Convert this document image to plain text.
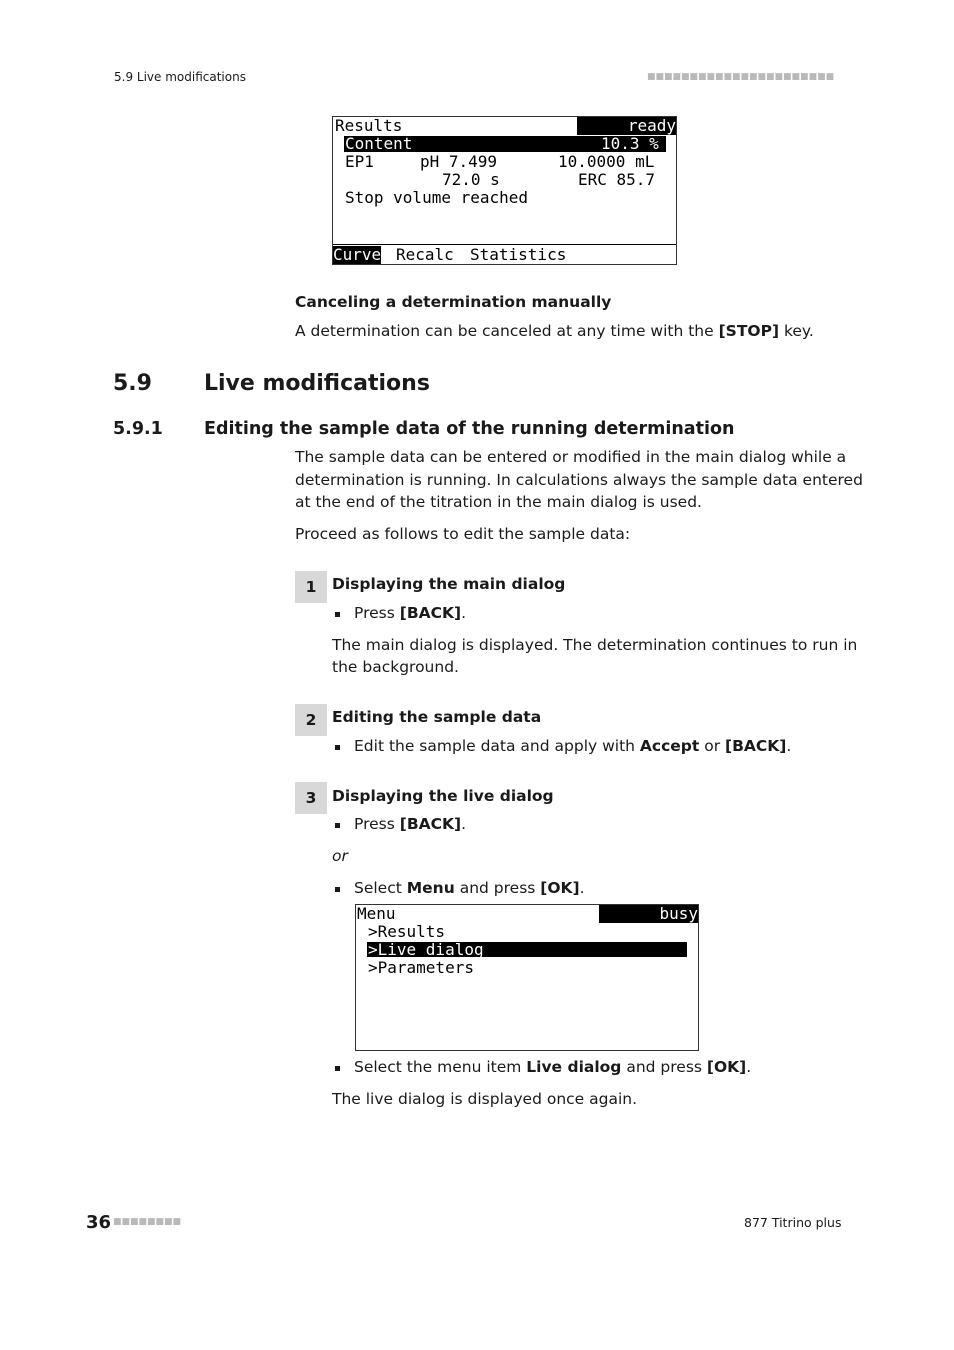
5.9 Live modifications	■■■■■■■■■■■■■■■■■■■■■■
Results	ready
Content	10.3 %
EP1	pH 7.499	10.0000 mL
72.0 s	ERC 85.7
Stop volume reached
Curve Recalc Statistics
Canceling a determination manually
A determination can be canceled at any time with the [STOP] key.
5.9 Live modifications
5.9.1 Editing the sample data of the running determination
The sample data can be entered or modified in the main dialog while a
determination is running. In calculations always the sample data entered
at the end of the titration in the main dialog is used.
Proceed as follows to edit the sample data:
1	Displaying the main dialog
Press [BACK].
The main dialog is displayed. The determination continues to run in
the background.
2	Editing the sample data
Edit the sample data and apply with Accept or [BACK].
3	Displaying the live dialog
Press [BACK].
or
Select Menu and press [OK].
Menu	busy
>Results
>Live dialog
>Parameters
Select the menu item Live dialog and press [OK].
The live dialog is displayed once again.
36 ■■■■■■■■	877 Titrino plus
